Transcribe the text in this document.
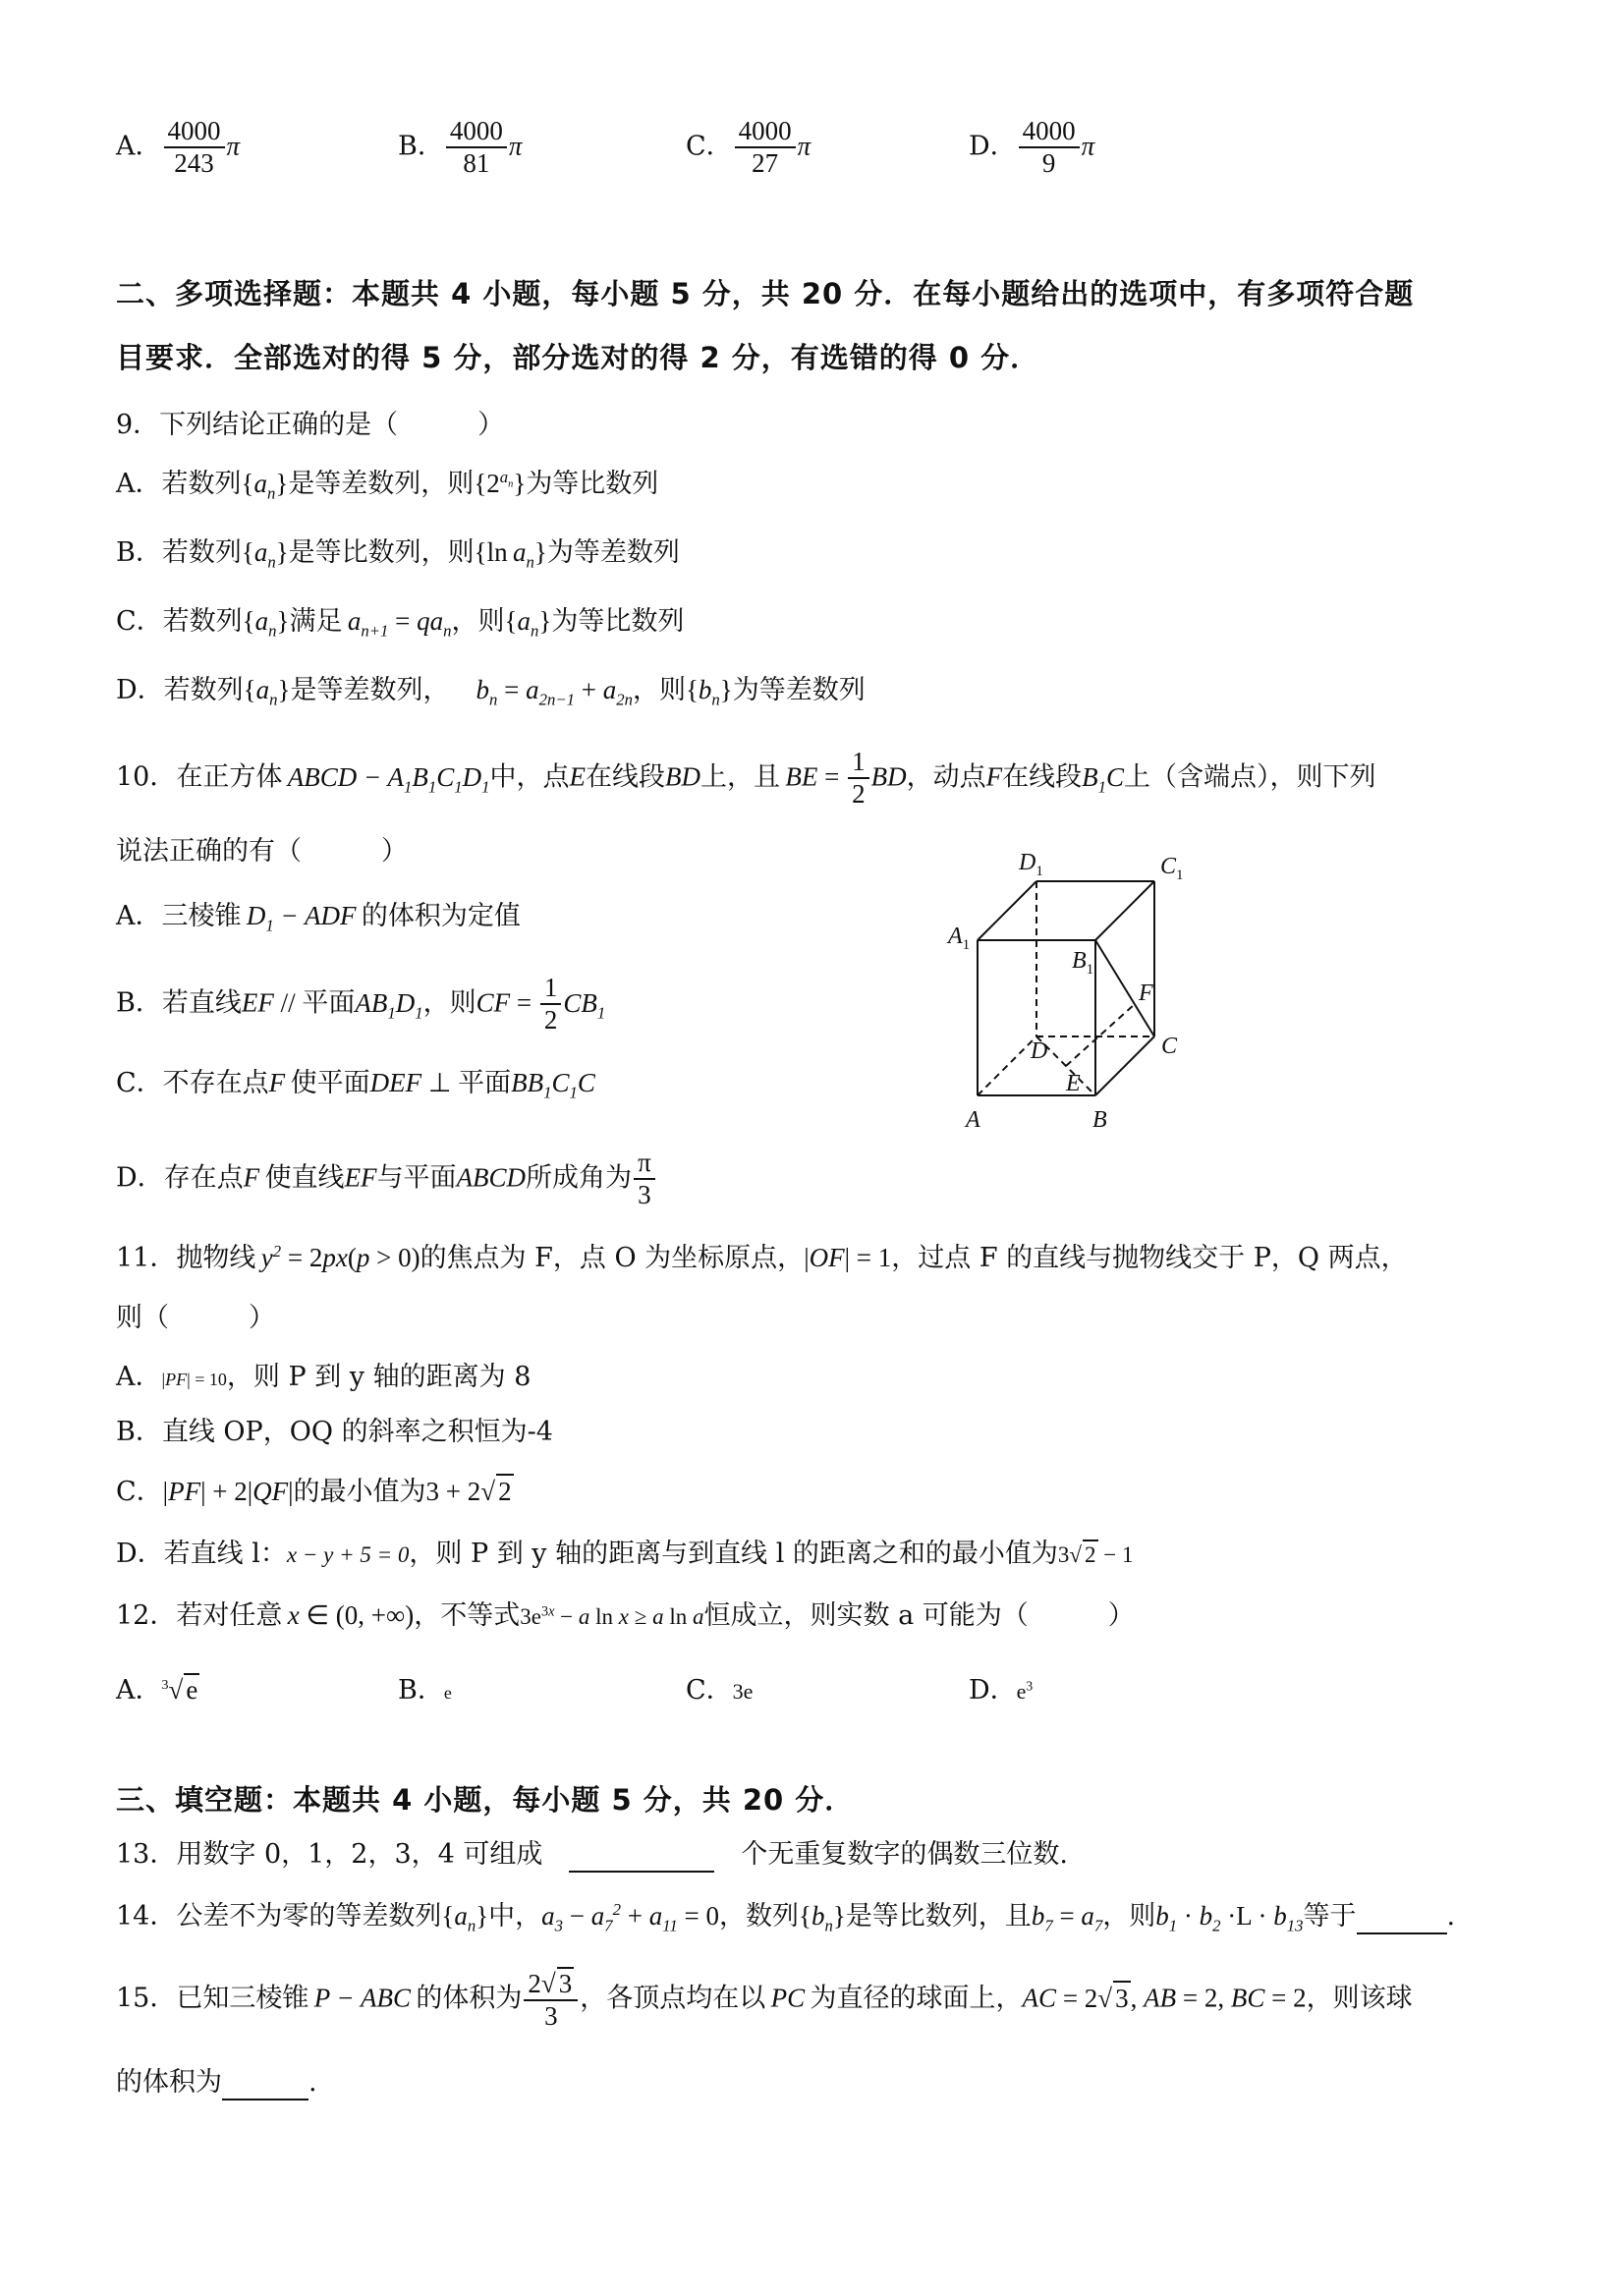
A． $\frac{4000}{243}$ π	B． $\frac{4000}{81}$ π	C． $\frac{4000}{27}$ π	D． $\frac{4000}{9}$ π
二、多项选择题：本题共 4 小题，每小题 5 分，共 20 分．在每小题给出的选项中，有多项符合题
目要求．全部选对的得 5 分，部分选对的得 2 分，有选错的得 0 分．
9．下列结论正确的是（　　　）
A．若数列$\{a_n\}$是等差数列，则$\{2^{a_n}\}$为等比数列
B．若数列$\{a_n\}$是等比数列，则{ln $a_n$}为等差数列
C．若数列$\{a_n\}$满足 $a_{n+1} = qa_n$，则$\{a_n\}$为等比数列
D．若数列$\{a_n\}$是等差数列， $b_n = a_{2n-1} + a_{2n}$，则$\{b_n\}$为等差数列
10．在正方体 ABCD − $A_1B_1C_1D_1$中，点E在线段BD上，且 BE = $\frac{1}{2}$ BD，动点F在线段$B_1C$上（含端点），则下列
说法正确的有（　　　）
A．三棱锥 $D_1$ − ADF 的体积为定值
B．若直线EF // 平面$AB_1D_1$，则CF = $\frac{1}{2} CB_1$
C．不存在点F 使平面DEF ⊥ 平面$BB_1C_1C$
D．存在点F 使直线EF与平面ABCD所成角为 $\frac{\pi}{3}$
$D_1$	$C_1$
$A_1$
$B_1$
F
D	C
E
A	B
11．抛物线 $y^2 = 2px(p > 0)$的焦点为 F，点 O 为坐标原点，|OF| = 1，过点 F 的直线与抛物线交于 P，Q 两点，
则（　　　）
A．|PF| = 10，则 P 到 y 轴的距离为 8
B．直线 OP，OQ 的斜率之积恒为-4
C．|PF| + 2|QF|的最小值为3 + 2√ 2
D．若直线 l：x − y + 5 = 0，则 P 到 y 轴的距离与到直线 l 的距离之和的最小值为3√ 2 − 1
12．若对任意 x ∈ (0, +∞)，不等式$3e^{3x} - a$ ln x ≥ a ln a恒成立，则实数 a 可能为（　　　）
A．$^3$√ e	B．e	C．3e	D．$e^3$
三、填空题：本题共 4 小题，每小题 5 分，共 20 分．
13．用数字 0，1，2，3，4 可组成  	个无重复数字的偶数三位数.
14．公差不为零的等差数列$\{a_n\}$中，$a_3 - a_7^2 + a_{11} = 0$，数列$\{b_n\}$是等比数列，且$b_7 = a_7$，则$b_1 \cdot b_2 \cdot L \cdot b_{13}$等于	.
15．已知三棱锥 P − ABC 的体积为 $\frac{2√ 3}{3}$ ，各顶点均在以 PC 为直径的球面上，AC = 2√ 3, AB = 2, BC = 2，则该球
的体积为	.
